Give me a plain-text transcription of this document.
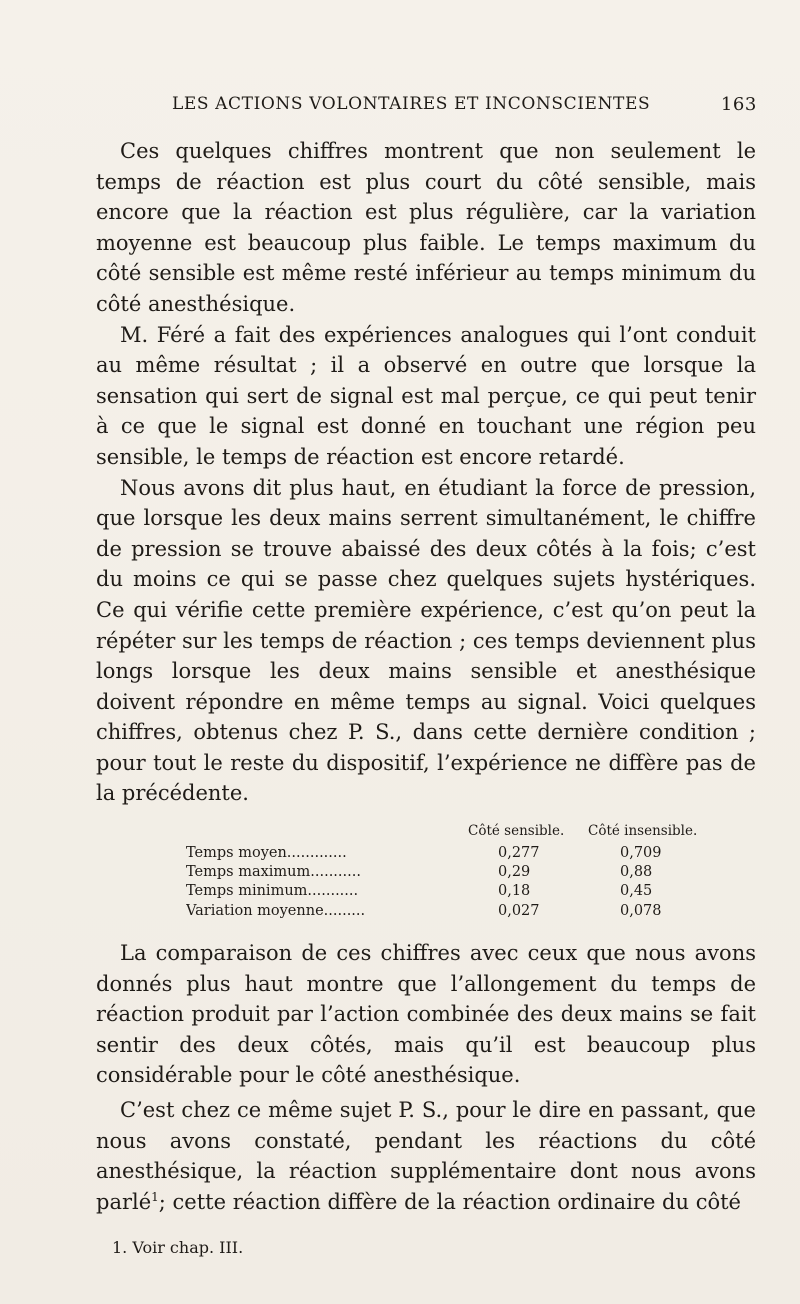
LES ACTIONS VOLONTAIRES ET INCONSCIENTES	163

Ces quelques chiffres montrent que non seulement le temps de réaction est plus court du côté sensible, mais encore que la réaction est plus régulière, car la variation moyenne est beaucoup plus faible. Le temps maximum du côté sensible est même resté inférieur au temps minimum du côté anesthésique.

M. Féré a fait des expériences analogues qui l’ont conduit au même résultat ; il a observé en outre que lorsque la sensation qui sert de signal est mal perçue, ce qui peut tenir à ce que le signal est donné en touchant une région peu sensible, le temps de réaction est encore retardé.

Nous avons dit plus haut, en étudiant la force de pression, que lorsque les deux mains serrent simultanément, le chiffre de pression se trouve abaissé des deux côtés à la fois; c’est du moins ce qui se passe chez quelques sujets hystériques. Ce qui vérifie cette première expérience, c’est qu’on peut la répéter sur les temps de réaction ; ces temps deviennent plus longs lorsque les deux mains sensible et anesthésique doivent répondre en même temps au signal. Voici quelques chiffres, obtenus chez P. S., dans cette dernière condition ; pour tout le reste du dispositif, l’expérience ne diffère pas de la précédente.

Côté sensible. Côté insensible.
Temps moyen.............	0,277	0,709
Temps maximum...........	0,29	0,88
Temps minimum...........	0,18	0,45
Variation moyenne.........	0,027	0,078

La comparaison de ces chiffres avec ceux que nous avons donnés plus haut montre que l’allongement du temps de réaction produit par l’action combinée des deux mains se fait sentir des deux côtés, mais qu’il est beaucoup plus considérable pour le côté anesthésique.

C’est chez ce même sujet P. S., pour le dire en passant, que nous avons constaté, pendant les réactions du côté anesthésique, la réaction supplémentaire dont nous avons parlé$^1$; cette réaction diffère de la réaction ordinaire du côté

1. Voir chap. III.
